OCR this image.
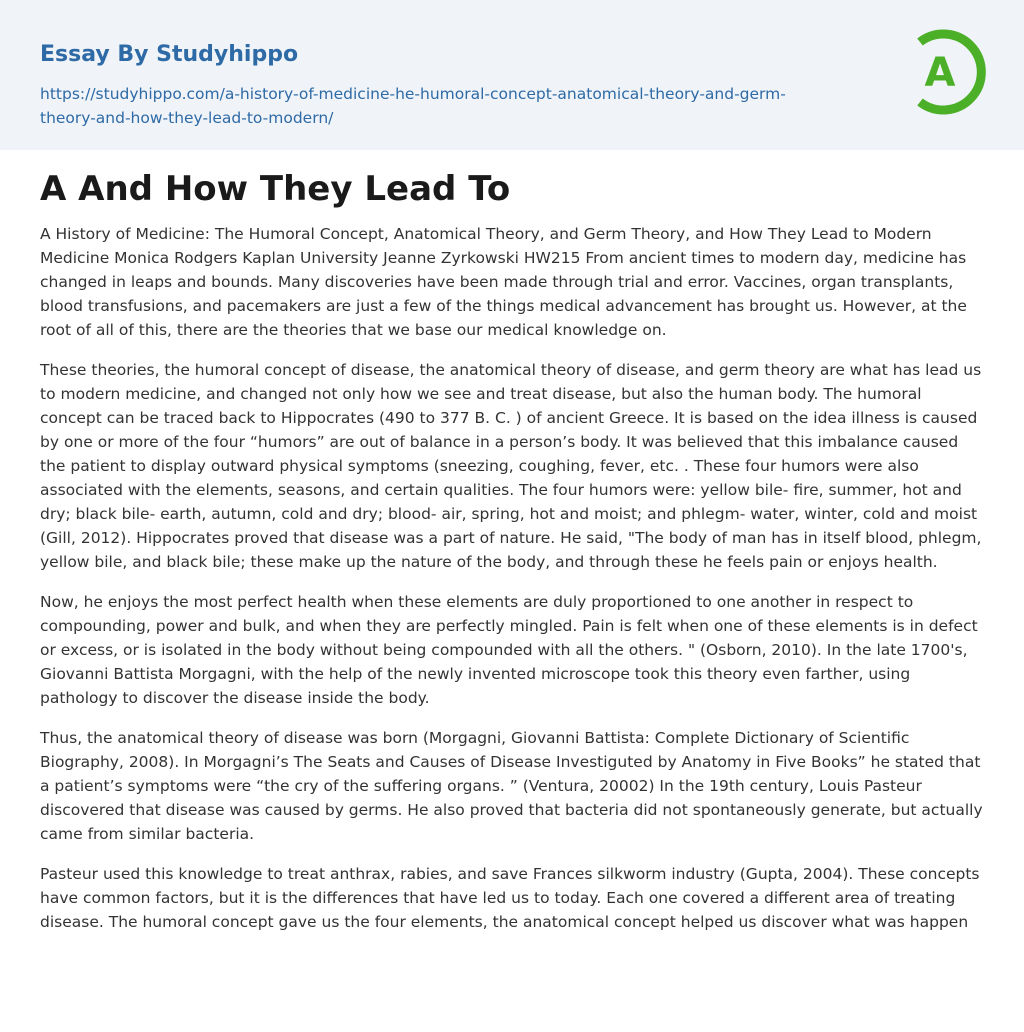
Essay By Studyhippo
https://studyhippo.com/a-history-of-medicine-he-humoral-concept-anatomical-theory-and-germ-theory-and-how-they-lead-to-modern/
A
A And How They Lead To

A History of Medicine: The Humoral Concept, Anatomical Theory, and Germ Theory, and How They Lead to Modern Medicine Monica Rodgers Kaplan University Jeanne Zyrkowski HW215 From ancient times to modern day, medicine has changed in leaps and bounds. Many discoveries have been made through trial and error. Vaccines, organ transplants, blood transfusions, and pacemakers are just a few of the things medical advancement has brought us. However, at the root of all of this, there are the theories that we base our medical knowledge on.

These theories, the humoral concept of disease, the anatomical theory of disease, and germ theory are what has lead us to modern medicine, and changed not only how we see and treat disease, but also the human body. The humoral concept can be traced back to Hippocrates (490 to 377 B. C. ) of ancient Greece. It is based on the idea illness is caused by one or more of the four “humors” are out of balance in a person’s body. It was believed that this imbalance caused the patient to display outward physical symptoms (sneezing, coughing, fever, etc. . These four humors were also associated with the elements, seasons, and certain qualities. The four humors were: yellow bile- fire, summer, hot and dry; black bile- earth, autumn, cold and dry; blood- air, spring, hot and moist; and phlegm- water, winter, cold and moist (Gill, 2012). Hippocrates proved that disease was a part of nature. He said, "The body of man has in itself blood, phlegm, yellow bile, and black bile; these make up the nature of the body, and through these he feels pain or enjoys health.

Now, he enjoys the most perfect health when these elements are duly proportioned to one another in respect to compounding, power and bulk, and when they are perfectly mingled. Pain is felt when one of these elements is in defect or excess, or is isolated in the body without being compounded with all the others. " (Osborn, 2010). In the late 1700's, Giovanni Battista Morgagni, with the help of the newly invented microscope took this theory even farther, using pathology to discover the disease inside the body.

Thus, the anatomical theory of disease was born (Morgagni, Giovanni Battista: Complete Dictionary of Scientific Biography, 2008). In Morgagni’s The Seats and Causes of Disease Investiguted by Anatomy in Five Books” he stated that a patient’s symptoms were “the cry of the suffering organs. ” (Ventura, 20002) In the 19th century, Louis Pasteur discovered that disease was caused by germs. He also proved that bacteria did not spontaneously generate, but actually came from similar bacteria.

Pasteur used this knowledge to treat anthrax, rabies, and save Frances silkworm industry (Gupta, 2004). These concepts have common factors, but it is the differences that have led us to today. Each one covered a different area of treating disease. The humoral concept gave us the four elements, the anatomical concept helped us discover what was happen
